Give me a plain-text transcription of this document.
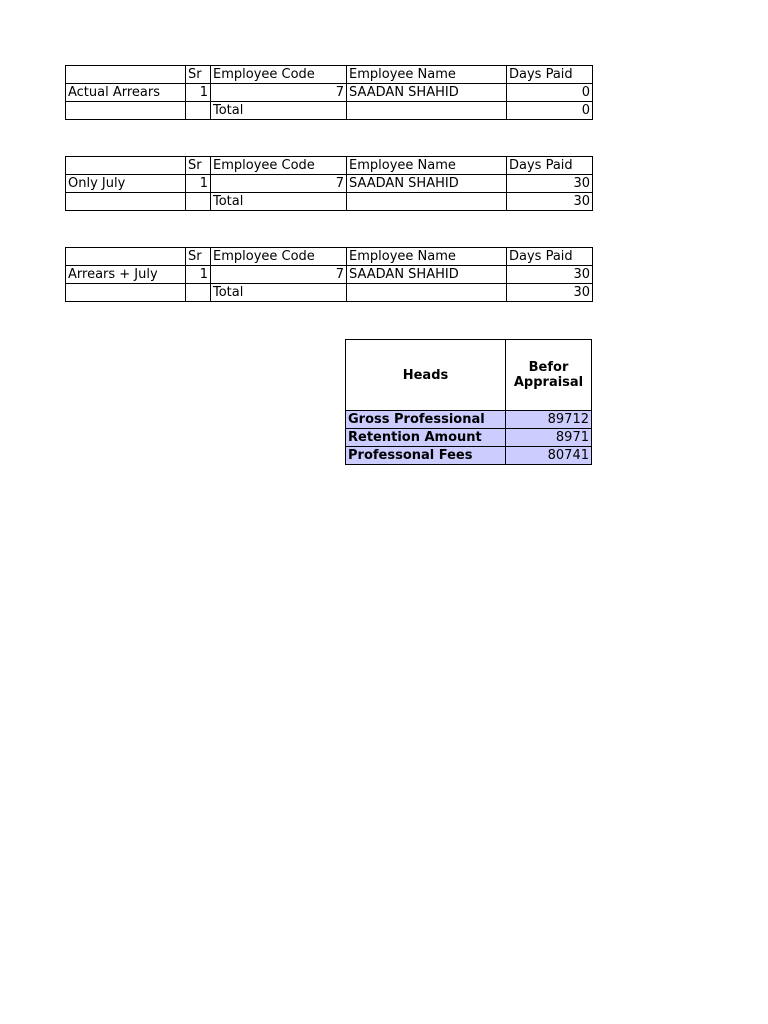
	Sr	Employee Code	Employee Name	Days Paid
Actual Arrears	1	7	SAADAN SHAHID	0
		Total		0
	Sr	Employee Code	Employee Name	Days Paid
Only July	1	7	SAADAN SHAHID	30
		Total		30
	Sr	Employee Code	Employee Name	Days Paid
Arrears + July	1	7	SAADAN SHAHID	30
		Total		30
Heads	Befor
Appraisal
Gross Professional	89712
Retention Amount	8971
Professonal Fees	80741
